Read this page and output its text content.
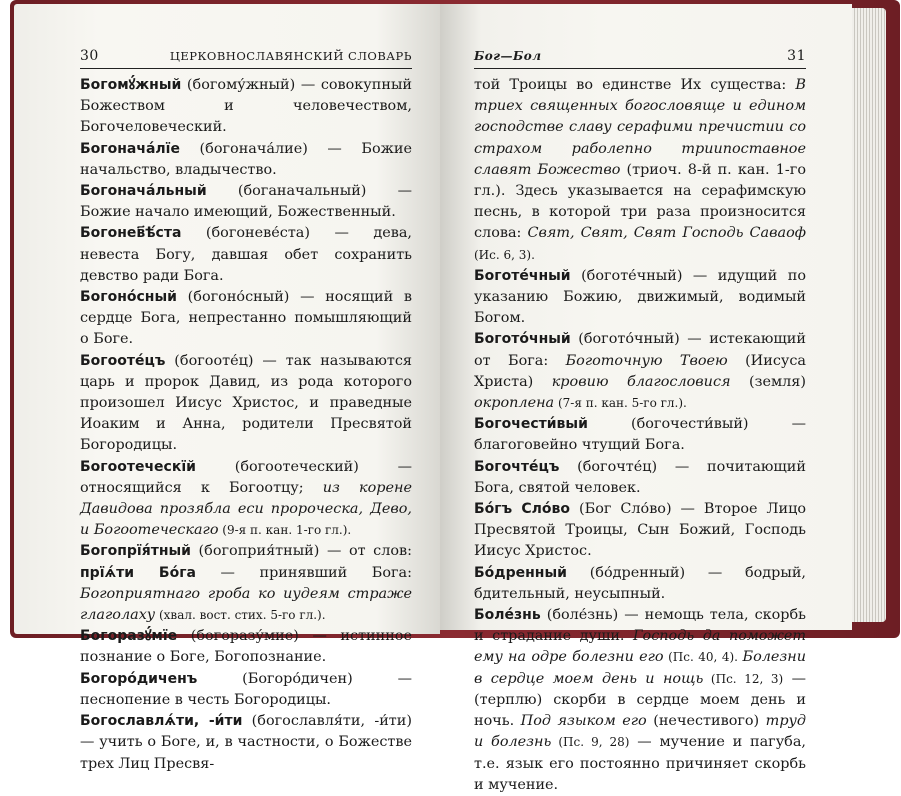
30	ЦЕРКОВНОСЛАВЯНСКИЙ СЛОВАРЬ

Богомꙋ́жный (богому́жный) — совокупный Божеством и человечеством, Богочеловеческий.

Богонача́лїе (богонача́лие) — Божие начальство, владычество.

Богонача́льный (боганачальный) — Божие начало имеющий, Божественный.

Богонев҃ѣ́ста (богоневе́ста) — дева, невеста Богу, давшая обет сохранить девство ради Бога.

Богоно́сный (богоно́сный) — носящий в сердце Бога, непрестанно помышляющий о Боге.

Богооте́цъ (богооте́ц) — так называются царь и пророк Давид, из рода которого произошел Иисус Христос, и праведные Иоаким и Анна, родители Пресвятой Богородицы.

Богоотеческїй (богоотеческий) — относящийся к Богоотцу; из корене Давидова прозябла еси пророческа, Дево, и Богоотеческаго (9-я п. кан. 1-го гл.).

Богопрїя́тный (богоприя́тный) — от слов: прїѧ́ти Бо́га — принявший Бога: Богоприятнаго гроба ко иудеям страже глаголаху (хвал. вост. стих. 5-го гл.).

Богоразꙋ́мїе (богоразу́мие) — истинное познание о Боге, Богопознание.

Богоро́диченъ (Богоро́дичен) — песнопение в честь Богородицы.

Богославлѧ́ти, -и́ти (богославля́ти, -и́ти) — учить о Боге, и, в частности, о Божестве трех Лиц Пресвя-

Бог—Бол	31

той Троицы во единстве Их существа: В триех священных богословяще и едином господстве славу серафими пречистии со страхом раболепно триипоставное славят Божество (триоч. 8-й п. кан. 1-го гл.). Здесь указывается на серафимскую песнь, в которой три раза произносится слова: Свят, Свят, Свят Господь Саваоф (Ис. 6, 3).

Боготе́чный (боготе́чный) — идущий по указанию Божию, движимый, водимый Богом.

Богото́чный (богото́чный) — истекающий от Бога: Боготочную Твоею (Иисуса Христа) кровию благословися (земля) окроплена (7-я п. кан. 5-го гл.).

Богочести́вый (богочести́вый) — благоговейно чтущий Бога.

Богочте́цъ (богочте́ц) — почитающий Бога, святой человек.

Бо́гъ Сло́во (Бог Сло́во) — Второе Лицо Пресвятой Троицы, Сын Божий, Господь Иисус Христос.

Бо́дренный (бо́дренный) — бодрый, бдительный, неусыпный.

Боле́знь (боле́знь) — немощь тела, скорбь и страдание души. Господь да поможет ему на одре болезни его (Пс. 40, 4). Болезни в сердце моем день и нощь (Пс. 12, 3) — (терплю) скорби в сердце моем день и ночь. Под языком его (нечестивого) труд и болезнь (Пс. 9, 28) — мучение и пагуба, т.е. язык его постоянно причиняет скорбь и мучение.
